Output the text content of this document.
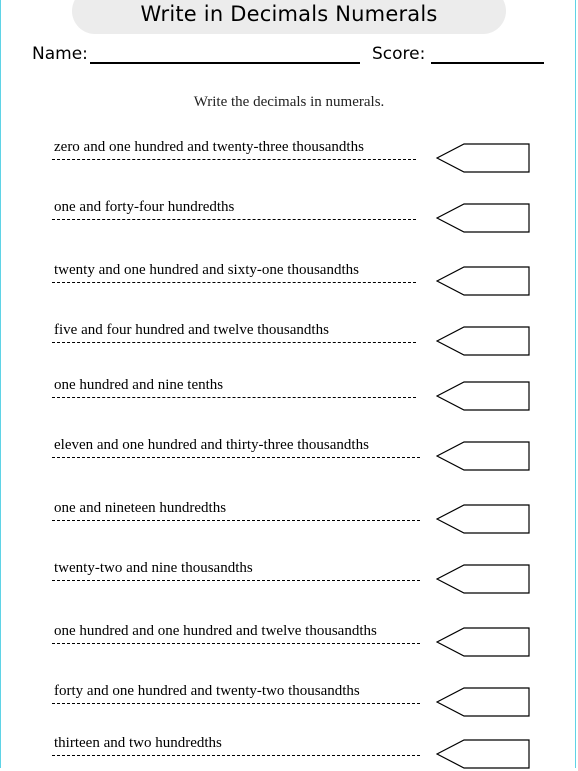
Write in Decimals Numerals
Name:	Score:
Write the decimals in numerals.
zero and one hundred and twenty-three thousandths
one and forty-four hundredths
twenty and one hundred and sixty-one thousandths
five and four hundred and twelve thousandths
one hundred and nine tenths
eleven and one hundred and thirty-three thousandths
one and nineteen hundredths
twenty-two and nine thousandths
one hundred and one hundred and twelve thousandths
forty and one hundred and twenty-two thousandths
thirteen and two hundredths
